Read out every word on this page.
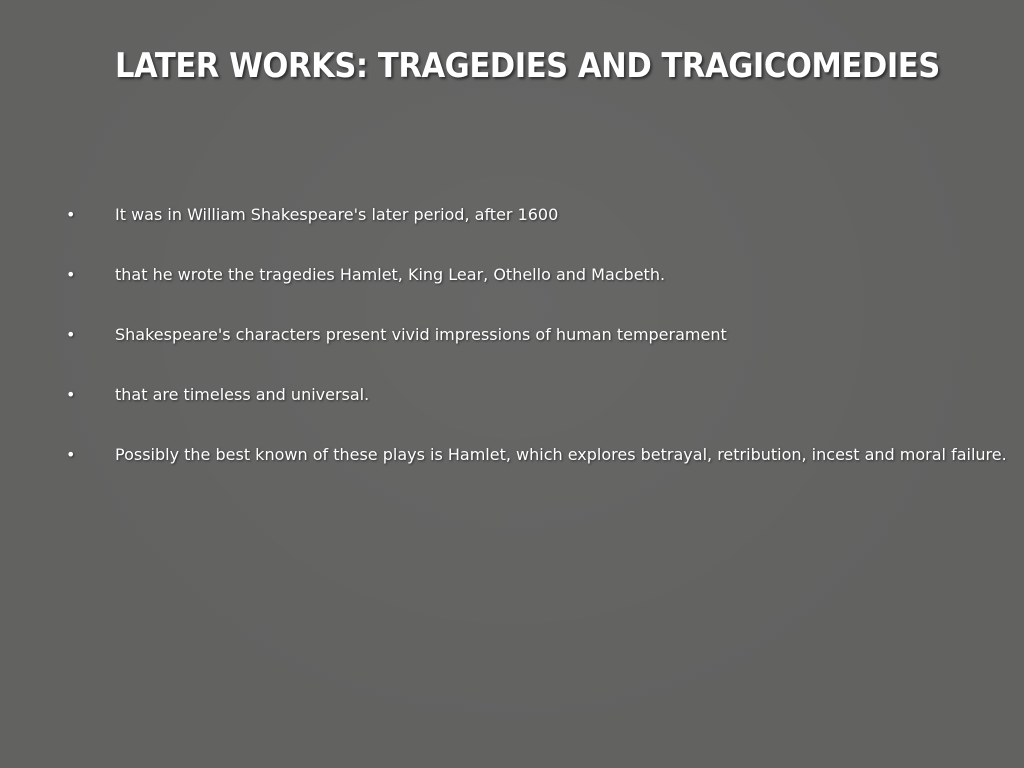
LATER WORKS: TRAGEDIES AND TRAGICOMEDIES
• It was in William Shakespeare's later period, after 1600
• that he wrote the tragedies Hamlet, King Lear, Othello and Macbeth.
• Shakespeare's characters present vivid impressions of human temperament
• that are timeless and universal.
• Possibly the best known of these plays is Hamlet, which explores betrayal, retribution, incest and moral failure.
